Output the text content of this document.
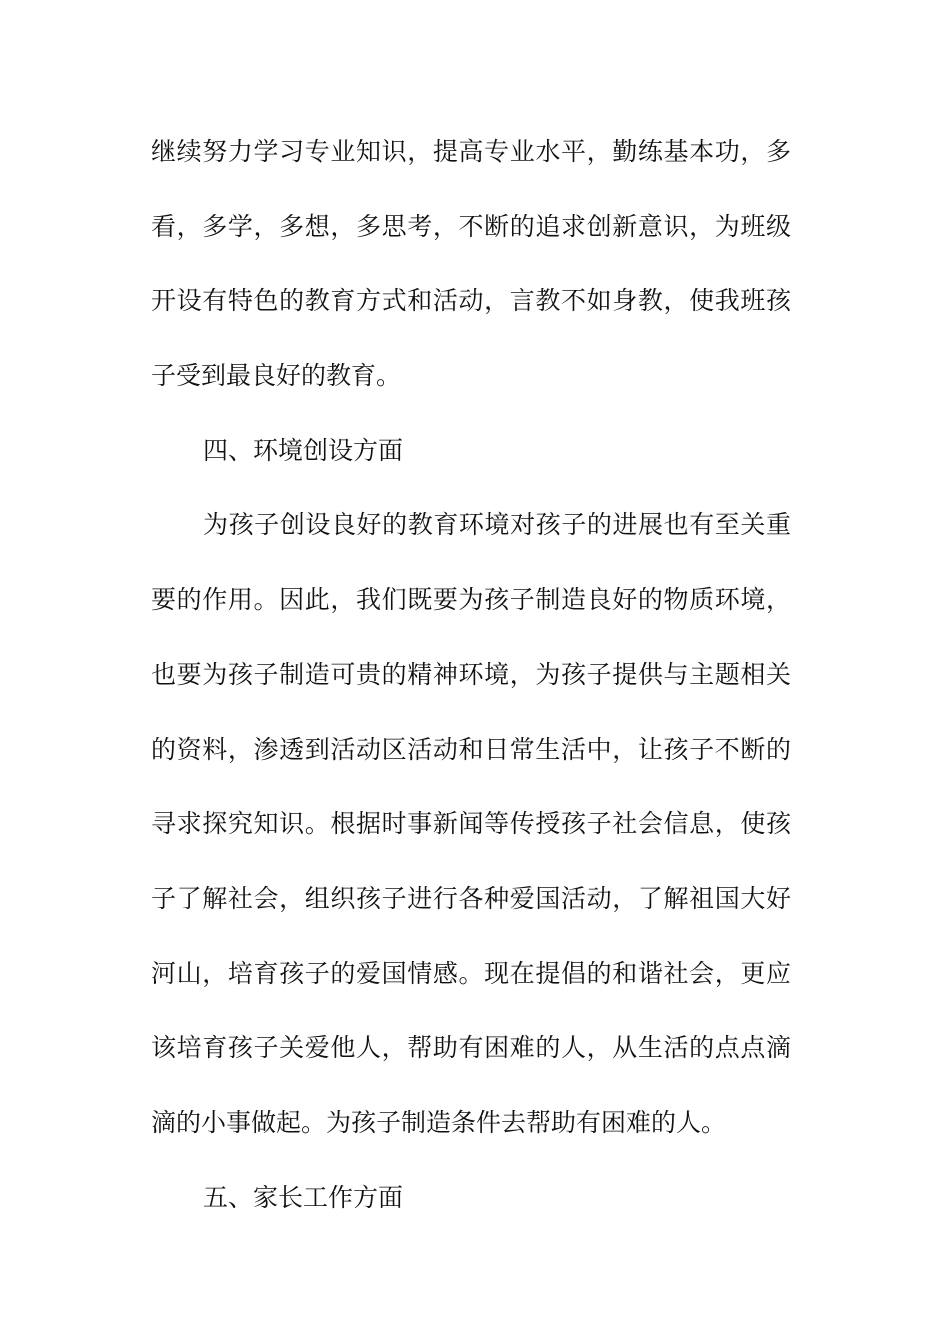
继续努力学习专业知识，提高专业水平，勤练基本功，多

看，多学，多想，多思考，不断的追求创新意识，为班级

开设有特色的教育方式和活动，言教不如身教，使我班孩

子受到最良好的教育。

四、环境创设方面

为孩子创设良好的教育环境对孩子的进展也有至关重

要的作用。因此，我们既要为孩子制造良好的物质环境，

也要为孩子制造可贵的精神环境，为孩子提供与主题相关

的资料，渗透到活动区活动和日常生活中，让孩子不断的

寻求探究知识。根据时事新闻等传授孩子社会信息，使孩

子了解社会，组织孩子进行各种爱国活动，了解祖国大好

河山，培育孩子的爱国情感。现在提倡的和谐社会，更应

该培育孩子关爱他人，帮助有困难的人，从生活的点点滴

滴的小事做起。为孩子制造条件去帮助有困难的人。

五、家长工作方面
